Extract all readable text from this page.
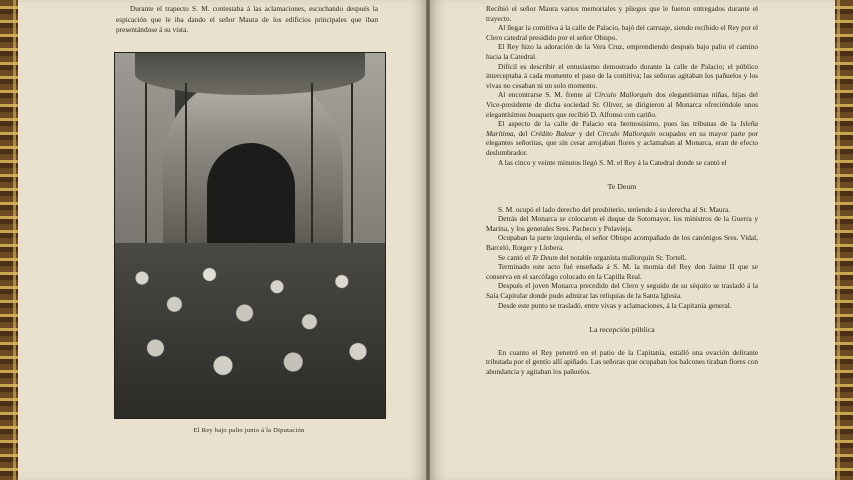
Durante el trapecto S. M. contestaba á las aclamaciones, escuchando después la espicación que le iba dando el señor Maura de los edificios principales que iban presentándose á su vista.

El Rey bajo palio junto á la Diputación

Recibió el señor Maura varios memoriales y pliegos que le fueron entregados durante el trayecto.

Al llegar la comitiva á la calle de Palacio, bajó del carruaje, siendo recibido el Rey por el Clero catedral presidido por el señor Obispo.

El Rey hizo la adoración de la Vera Cruz, emprendiendo después bajo palio el camino hacia la Catedral.

Difícil es describir el entusiasmo demostrado durante la calle de Palacio; el público interceptaba á cada momento el paso de la comitiva; las señoras agitaban los pañuelos y los vivas no cesaban ni un solo momento.

Al encontrarse S. M. frente al Círculo Mallorquín dos elegantísimas niñas, hijas del Vice-presidente de dicha sociedad Sr. Oliver, se dirigieron al Monarca ofreciéndole unos elegantísimos bouquets que recibió D. Alfonso con cariño.

El aspecto de la calle de Palacio era hermosísimo, pues las tribunas de la Isleña Marítima, del Crédito Balear y del Círculo Mallorquín ocupados en su mayor parte por elegantes señoritas, que sin cesar arrojaban flores y aclamaban al Monarca, eran de efecto deslumbrador.

A las cinco y veinte minutos llegó S. M. el Rey á la Catedral donde se cantó el

Te Deum

S. M. ocupó el lado derecho del presbiterio, teniendo á su derecha al Sr. Maura.

Detrás del Monarca se colocaron el duque de Sotomayor, los ministros de la Guerra y Marina, y los generales Sres. Pacheco y Polavieja.

Ocupaban la parte izquierda, el señor Obispo acompañado de los canónigos Sres. Vidal, Barceló, Rotger y Llobera.

Se cantó el Te Deum del notable organista mallorquín Sr. Tortell.

Terminado este acto fué enseñada á S. M. la momia del Rey don Jaime II que se conserva en el sarcófago colocado en la Capilla Real.

Después el joven Monarca precedido del Clero y seguido de su séquito se trasladó á la Sala Capitular donde pudo admirar las reliquias de la Santa Iglesia.

Desde este punto se trasladó, entre vivas y aclamaciones, á la Capitanía general.

La recepción pública

En cuanto el Rey penetró en el patio de la Capitanía, estalló una ovación delirante tributada por el gentío allí apiñado. Las señoras que ocupaban los balcones tiraban flores con abundancia y agitaban los pañuelos.
